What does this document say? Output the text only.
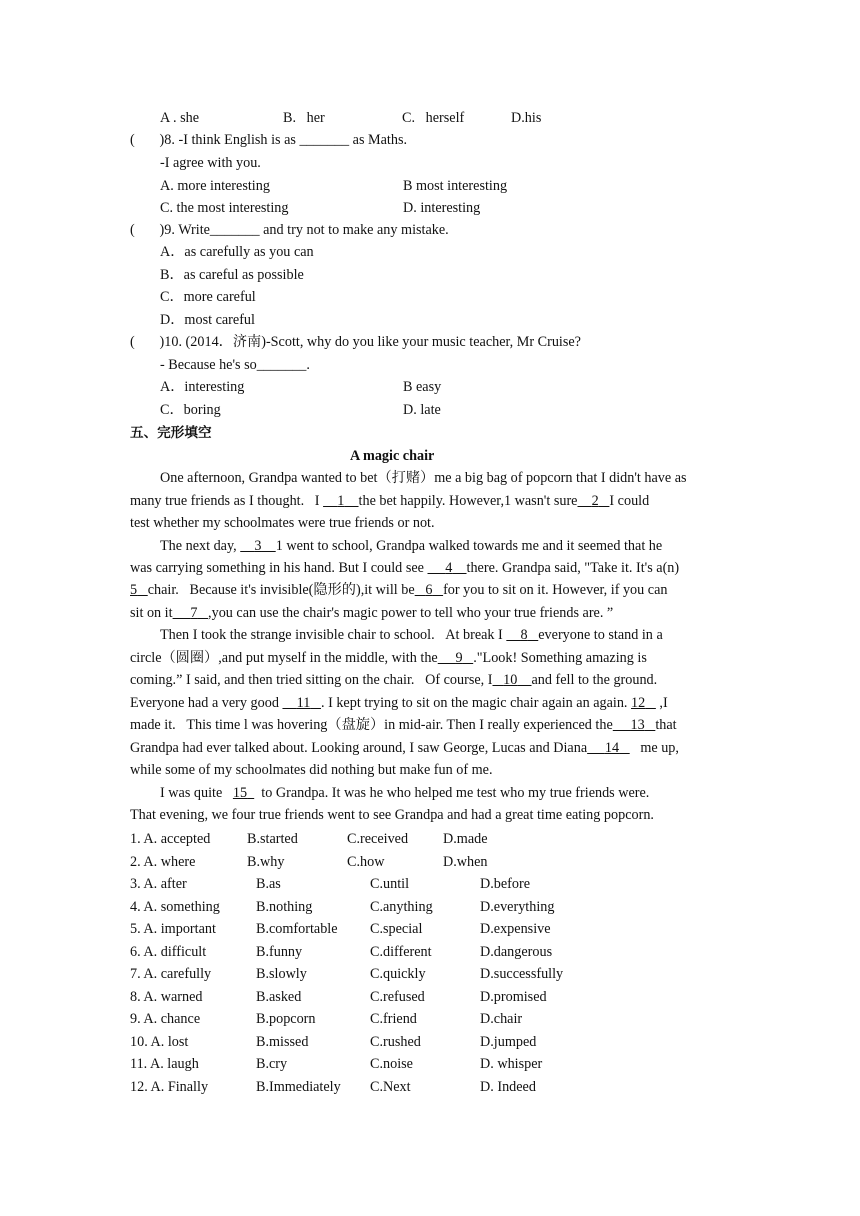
A . she	B.   her	C.   herself	D.his
(       )8. -I think English is as _______ as Maths.
-I agree with you.
A. more interesting	B most interesting
C. the most interesting	D. interesting
(       )9. Write_______ and try not to make any mistake.
A．as carefully as you can
B．as careful as possible
C．more careful
D．most careful
(       )10. (2014．济南)-Scott, why do you like your music teacher, Mr Cruise?
- Because he's so_______.
A．interesting	B easy
C．boring	D. late
五、完形填空
A magic chair
One afternoon, Grandpa wanted to bet（打赌）me a big bag of popcorn that I didn't have as
many true friends as I thought.   I 1 the bet happily. However,1 wasn't sure 2 I could
test whether my schoolmates were true friends or not.
The next day, 3 1 went to school, Grandpa walked towards me and it seemed that he
was carrying something in his hand. But I could see 4 there. Grandpa said, "Take it. It's a(n)
5 chair.   Because it's invisible(隐形的),it will be 6 for you to sit on it. However, if you can
sit on it 7 ,you can use the chair's magic power to tell who your true friends are. ”
Then I took the strange invisible chair to school.   At break I 8 everyone to stand in a
circle（圆圈）,and put myself in the middle, with the 9 ."Look! Something amazing is
coming.” I said, and then tried sitting on the chair.   Of course, I 10 and fell to the ground.
Everyone had a very good 11 . I kept trying to sit on the magic chair again an again. 12 ,I
made it.   This time l was hovering（盘旋）in mid-air. Then I really experienced the 13 that
Grandpa had ever talked about. Looking around, I saw George, Lucas and Diana 14 me up,
while some of my schoolmates did nothing but make fun of me.
I was quite   15 to Grandpa. It was he who helped me test who my true friends were.
That evening, we four true friends went to see Grandpa and had a great time eating popcorn.
1. A. accepted	B.started	C.received D.made
2. A. where	B.why	C.how	D.when
3. A. after	B.as	C.until	D.before
4. A. something	B.nothing	C.anything	D.everything
5. A. important	B.comfortable C.special	D.expensive
6. A. difficult	B.funny	C.different	D.dangerous
7. A. carefully	B.slowly	C.quickly	D.successfully
8. A. warned	B.asked	C.refused	D.promised
9. A. chance	B.popcorn	C.friend	D.chair
10. A. lost	B.missed	C.rushed	D.jumped
11. A. laugh	B.cry	C.noise	D. whisper
12. A. Finally	B.Immediately C.Next	D. Indeed
